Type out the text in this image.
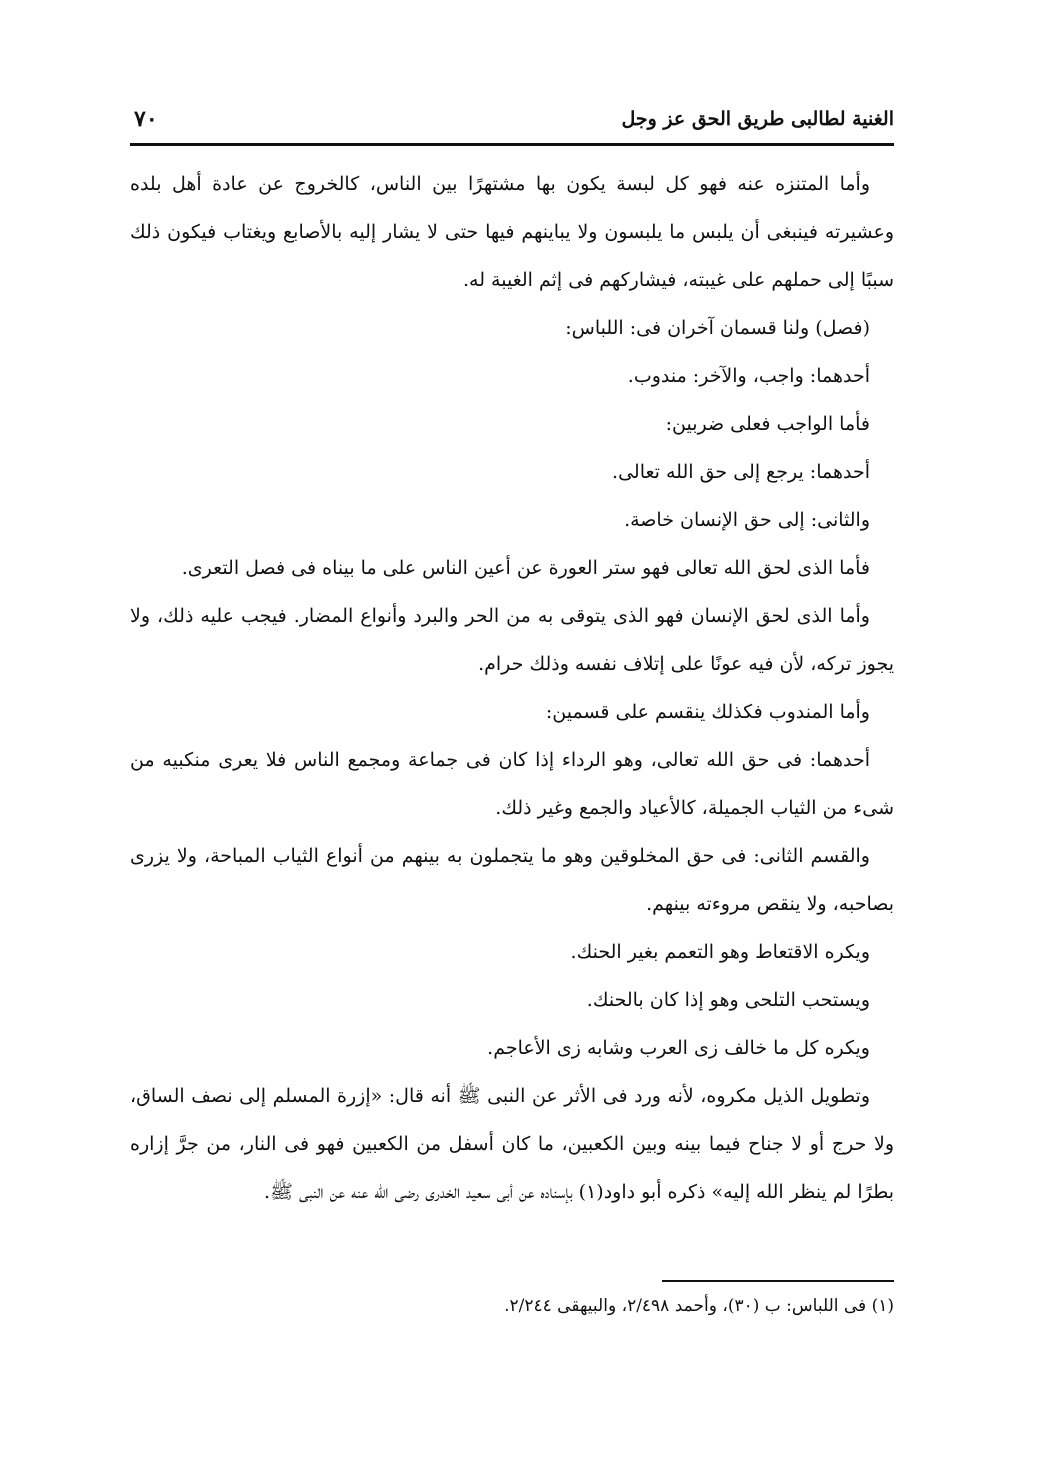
الغنية لطالبى طريق الحق عز وجل
٧٠

وأما المتنزه عنه فهو كل لبسة يكون بها مشتهرًا بين الناس، كالخروج عن عادة أهل بلده وعشيرته فينبغى أن يلبس ما يلبسون ولا يباينهم فيها حتى لا يشار إليه بالأصابع ويغتاب فيكون ذلك سببًا إلى حملهم على غيبته، فيشاركهم فى إثم الغيبة له.

(فصل) ولنا قسمان آخران فى: اللباس:

أحدهما: واجب، والآخر: مندوب.

فأما الواجب فعلى ضربين:

أحدهما: يرجع إلى حق الله تعالى.

والثانى: إلى حق الإنسان خاصة.

فأما الذى لحق الله تعالى فهو ستر العورة عن أعين الناس على ما بيناه فى فصل التعرى.

وأما الذى لحق الإنسان فهو الذى يتوقى به من الحر والبرد وأنواع المضار. فيجب عليه ذلك، ولا يجوز تركه، لأن فيه عونًا على إتلاف نفسه وذلك حرام.

وأما المندوب فكذلك ينقسم على قسمين:

أحدهما: فى حق الله تعالى، وهو الرداء إذا كان فى جماعة ومجمع الناس فلا يعرى منكبيه من شىء من الثياب الجميلة، كالأعياد والجمع وغير ذلك.

والقسم الثانى: فى حق المخلوقين وهو ما يتجملون به بينهم من أنواع الثياب المباحة، ولا يزرى بصاحبه، ولا ينقص مروءته بينهم.

ويكره الاقتعاط وهو التعمم بغير الحنك.

ويستحب التلحى وهو إذا كان بالحنك.

ويكره كل ما خالف زى العرب وشابه زى الأعاجم.

وتطويل الذيل مكروه، لأنه ورد فى الأثر عن النبى ﷺ أنه قال: «إزرة المسلم إلى نصف الساق، ولا حرج أو لا جناح فيما بينه وبين الكعبين، ما كان أسفل من الكعبين فهو فى النار، من جرَّ إزاره بطرًا لم ينظر الله إليه» ذكره أبو داود(١) بإسناده عن أبى سعيد الخدرى رضى الله عنه عن النبى ﷺ.

(١) فى اللباس: ب (٣٠)، وأحمد ٢/٤٩٨، والبيهقى ٢/٢٤٤.
